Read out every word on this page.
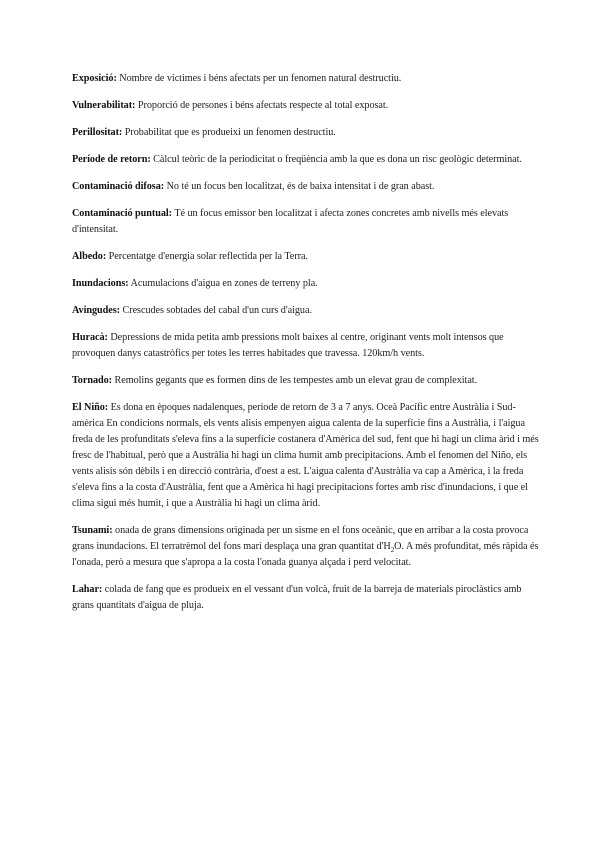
Exposició: Nombre de víctimes i béns afectats per un fenomen natural destructiu.

Vulnerabilitat: Proporció de persones i béns afectats respecte al total exposat.

Perillositat: Probabilitat que es produeixi un fenomen destructiu.

Període de retorn: Càlcul teòric de la periodicitat o freqüència amb la que es dona un risc geològic determinat.

Contaminació difosa: No té un focus ben localitzat, és de baixa intensitat i de gran abast.

Contaminació puntual: Té un focus emissor ben localitzat i afecta zones concretes amb nivells més elevats d'intensitat.

Albedo: Percentatge d'energia solar reflectida per la Terra.

Inundacions: Acumulacions d'aigua en zones de terreny pla.

Avingudes: Crescudes sobtades del cabal d'un curs d'aigua.

Huracà: Depressions de mida petita amb pressions molt baixes al centre, originant vents molt intensos que provoquen danys catastròfics per totes les terres habitades que travessa. 120km/h vents.

Tornado: Remolins gegants que es formen dins de les tempestes amb un elevat grau de complexitat.

El Niño: Es dona en èpoques nadalenques, període de retorn de 3 a 7 anys. Oceà Pacífic entre Austràlia i Sud-amèrica En condicions normals, els vents alisis empenyen aigua calenta de la superfície fins a Austràlia, i l'aigua freda de les profunditats s'eleva fins a la superfície costanera d'Amèrica del sud, fent que hi hagi un clima àrid i més fresc de l'habitual, però que a Austràlia hi hagi un clima humit amb precipitacions. Amb el fenomen del Niño, els vents alisis són dèbils i en direcció contrària, d'oest a est. L'aigua calenta d'Austràlia va cap a Amèrica, i la freda s'eleva fins a la costa d'Austràlia, fent que a Amèrica hi hagi precipitacions fortes amb risc d'inundacions, i que el clima sigui més humit, i que a Austràlia hi hagi un clima àrid.

Tsunami: onada de grans dimensions originada per un sisme en el fons oceànic, que en arribar a la costa provoca grans inundacions. El terratrèmol del fons marí desplaça una gran quantitat $d'H_2O$. A més profunditat, més ràpida és l'onada, però a mesura que s'apropa a la costa l'onada guanya alçada i perd velocitat.

Lahar: colada de fang que es produeix en el vessant d'un volcà, fruit de la barreja de materials piroclàstics amb grans quantitats d'aigua de pluja.
